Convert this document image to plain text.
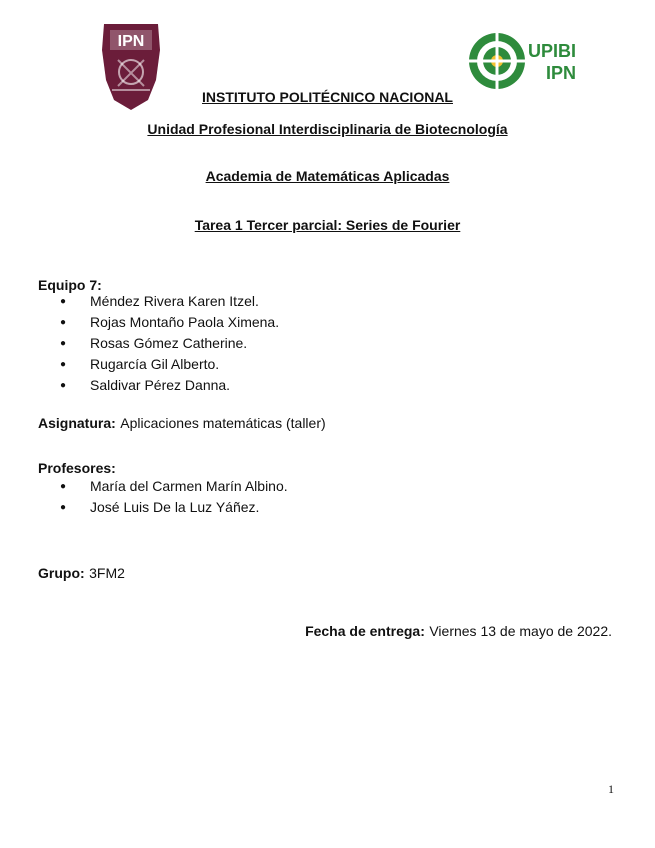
IPN	UPIBI
IPN
INSTITUTO POLITÉCNICO NACIONAL
Unidad Profesional Interdisciplinaria de Biotecnología
Academia de Matemáticas Aplicadas
Tarea 1 Tercer parcial: Series de Fourier
Equipo 7:
● Méndez Rivera Karen Itzel.
● Rojas Montaño Paola Ximena.
● Rosas Gómez Catherine.
● Rugarcía Gil Alberto.
● Saldivar Pérez Danna.
Asignatura: Aplicaciones matemáticas (taller)
Profesores:
● María del Carmen Marín Albino.
● José Luis De la Luz Yáñez.
Grupo: 3FM2
Fecha de entrega: Viernes 13 de mayo de 2022.
1
